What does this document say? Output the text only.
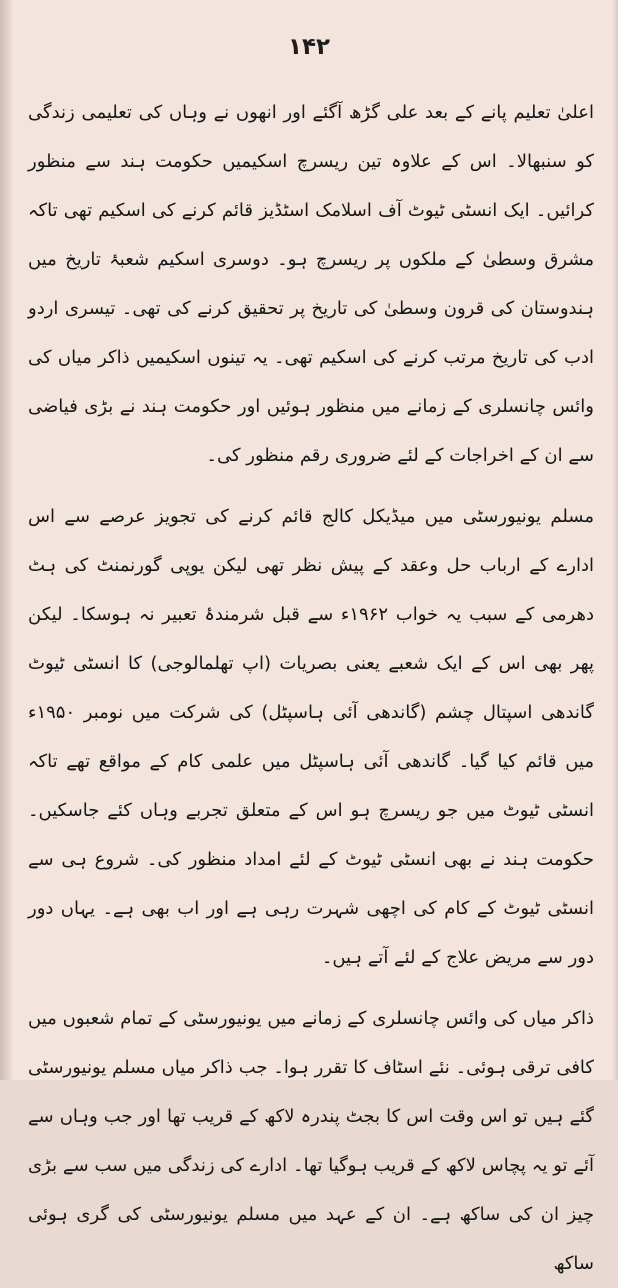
۱۴۲

اعلیٰ تعلیم پانے کے بعد علی گڑھ آگئے اور انھوں نے وہاں کی تعلیمی زندگی کو سنبھالا۔ اس کے علاوہ تین ریسرچ اسکیمیں حکومت ہند سے منظور کرائیں۔ ایک انسٹی ٹیوٹ آف اسلامک اسٹڈیز قائم کرنے کی اسکیم تھی تاکہ مشرق وسطیٰ کے ملکوں پر ریسرچ ہو۔ دوسری اسکیم شعبۂ تاریخ میں ہندوستان کی قرون وسطیٰ کی تاریخ پر تحقیق کرنے کی تھی۔ تیسری اردو ادب کی تاریخ مرتب کرنے کی اسکیم تھی۔ یہ تینوں اسکیمیں ذاکر میاں کی وائس چانسلری کے زمانے میں منظور ہوئیں اور حکومت ہند نے بڑی فیاضی سے ان کے اخراجات کے لئے ضروری رقم منظور کی۔

مسلم یونیورسٹی میں میڈیکل کالج قائم کرنے کی تجویز عرصے سے اس ادارے کے ارباب حل وعقد کے پیش نظر تھی لیکن یوپی گورنمنٹ کی ہٹ دھرمی کے سبب یہ خواب ۱۹۶۲ء سے قبل شرمندۂ تعبیر نہ ہوسکا۔ لیکن پھر بھی اس کے ایک شعبے یعنی بصریات (اپ تھلمالوجی) کا انسٹی ٹیوٹ گاندھی اسپتال چشم (گاندھی آئی ہاسپٹل) کی شرکت میں نومبر ۱۹۵۰ء میں قائم کیا گیا۔ گاندھی آئی ہاسپٹل میں علمی کام کے مواقع تھے تاکہ انسٹی ٹیوٹ میں جو ریسرچ ہو اس کے متعلق تجربے وہاں کئے جاسکیں۔ حکومت ہند نے بھی انسٹی ٹیوٹ کے لئے امداد منظور کی۔ شروع ہی سے انسٹی ٹیوٹ کے کام کی اچھی شہرت رہی ہے اور اب بھی ہے۔ یہاں دور دور سے مریض علاج کے لئے آتے ہیں۔

ذاکر میاں کی وائس چانسلری کے زمانے میں یونیورسٹی کے تمام شعبوں میں کافی ترقی ہوئی۔ نئے اسٹاف کا تقرر ہوا۔ جب ذاکر میاں مسلم یونیورسٹی گئے ہیں تو اس وقت اس کا بجٹ پندرہ لاکھ کے قریب تھا اور جب وہاں سے آئے تو یہ پچاس لاکھ کے قریب ہوگیا تھا۔ ادارے کی زندگی میں سب سے بڑی چیز ان کی ساکھ ہے۔ ان کے عہد میں مسلم یونیورسٹی کی گری ہوئی ساکھ
